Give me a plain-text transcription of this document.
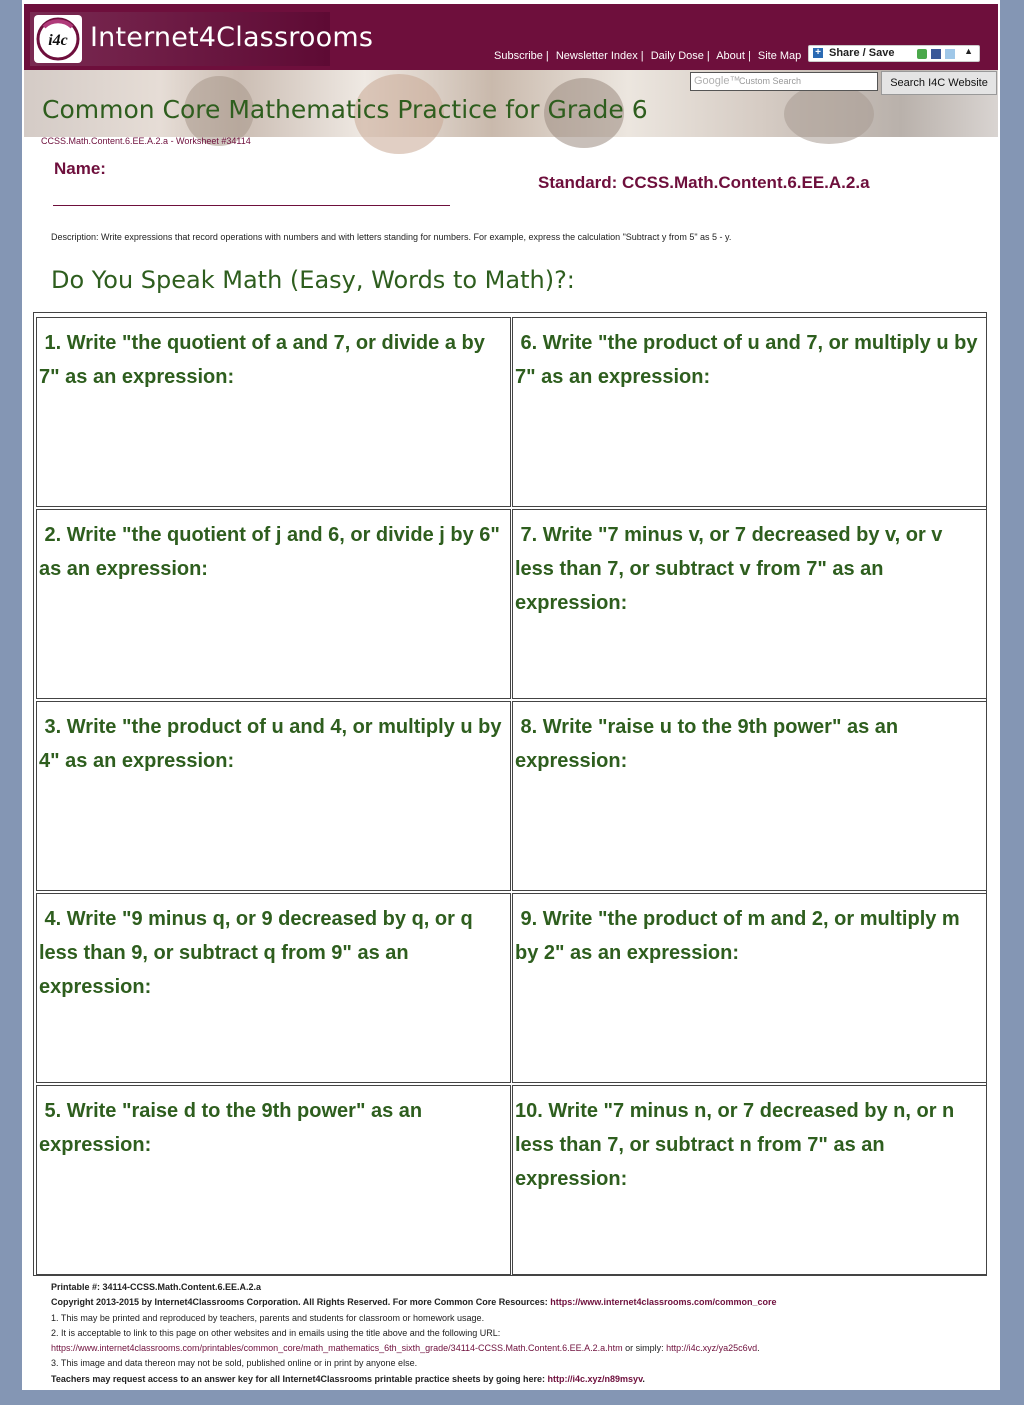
i4c Internet4Classrooms
Subscribe | Newsletter Index | Daily Dose | About | Site Map + Share / Save	▲

Google™
Custom Search	Search I4C Website
Common Core Mathematics Practice for Grade 6
CCSS.Math.Content.6.EE.A.2.a - Worksheet #34114
Name:
Standard: CCSS.Math.Content.6.EE.A.2.a
Description: Write expressions that record operations with numbers and with letters standing for numbers. For example, express the calculation "Subtract y from 5" as 5 - y.
Do You Speak Math (Easy, Words to Math)?:
1. Write "the quotient of a and 7, or divide a by 7" as an expression:
6. Write "the product of u and 7, or multiply u by 7" as an expression:
2. Write "the quotient of j and 6, or divide j by 6" as an expression:
7. Write "7 minus v, or 7 decreased by v, or v less than 7, or subtract v from 7" as an expression:
3. Write "the product of u and 4, or multiply u by 4" as an expression:
8. Write "raise u to the 9th power" as an expression:
4. Write "9 minus q, or 9 decreased by q, or q less than 9, or subtract q from 9" as an expression:
9. Write "the product of m and 2, or multiply m by 2" as an expression:
5. Write "raise d to the 9th power" as an expression:
10. Write "7 minus n, or 7 decreased by n, or n less than 7, or subtract n from 7" as an expression:
Printable #: 34114-CCSS.Math.Content.6.EE.A.2.a
Copyright 2013-2015 by Internet4Classrooms Corporation. All Rights Reserved. For more Common Core Resources: https://www.internet4classrooms.com/common_core
1. This may be printed and reproduced by teachers, parents and students for classroom or homework usage.
2. It is acceptable to link to this page on other websites and in emails using the title above and the following URL:
https://www.internet4classrooms.com/printables/common_core/math_mathematics_6th_sixth_grade/34114-CCSS.Math.Content.6.EE.A.2.a.htm or simply: http://i4c.xyz/ya25c6vd.
3. This image and data thereon may not be sold, published online or in print by anyone else.
Teachers may request access to an answer key for all Internet4Classrooms printable practice sheets by going here: http://i4c.xyz/n89msyv.
